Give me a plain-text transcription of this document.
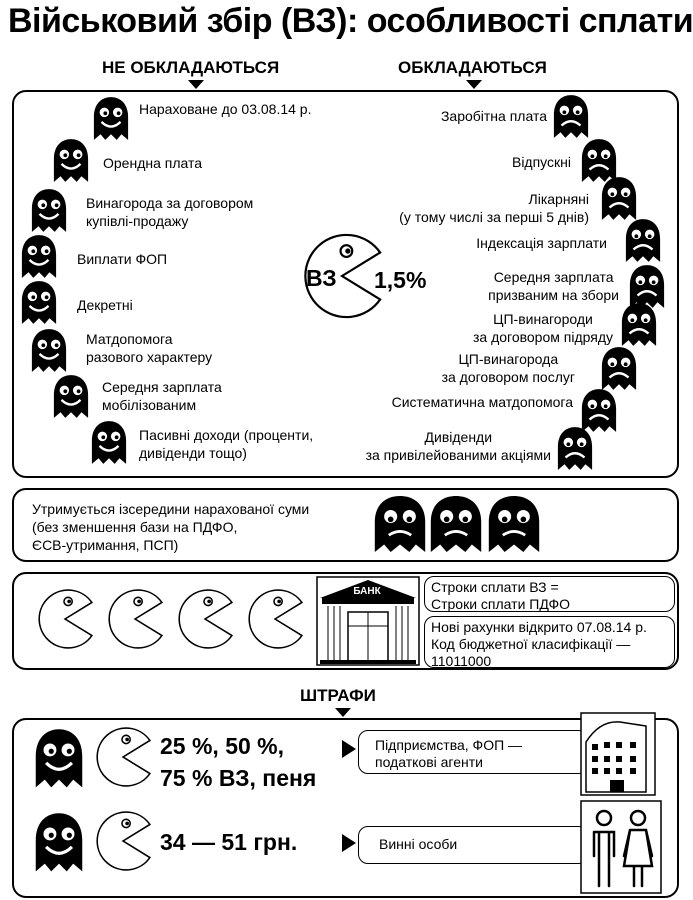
Військовий збір (ВЗ): особливості сплати
НЕ ОБКЛАДАЮТЬСЯ	ОБКЛАДАЮТЬСЯ
Нараховане до 03.08.14 р.
Орендна плата
Винагорода за договором
купівлі-продажу
Виплати ФОП
Декретні
Матдопомога
разового характеру
Середня зарплата
мобілізованим
Пасивні доходи (проценти,
дивіденди тощо)
ВЗ 1,5%
Заробітна плата
Відпускні
Лікарняні
(у тому числі за перші 5 днів)
Індексація зарплати
Середня зарплата
призваним на збори
ЦП-винагороди
за договором підряду
ЦП-винагорода
за договором послуг
Систематична матдопомога
Дивіденди
за привілейованими акціями
Утримується ізсередини нарахованої суми
(без зменшення бази на ПДФО,
ЄСВ-утримання, ПСП)
БАНК	Строки сплати ВЗ =
Строки сплати ПДФО
Нові рахунки відкрито 07.08.14 р.
Код бюджетної класифікації —
11011000
ШТРАФИ
25 %, 50 %,
75 % ВЗ, пеня
Підприємства, ФОП —
податкові агенти
34 — 51 грн.	Винні особи
